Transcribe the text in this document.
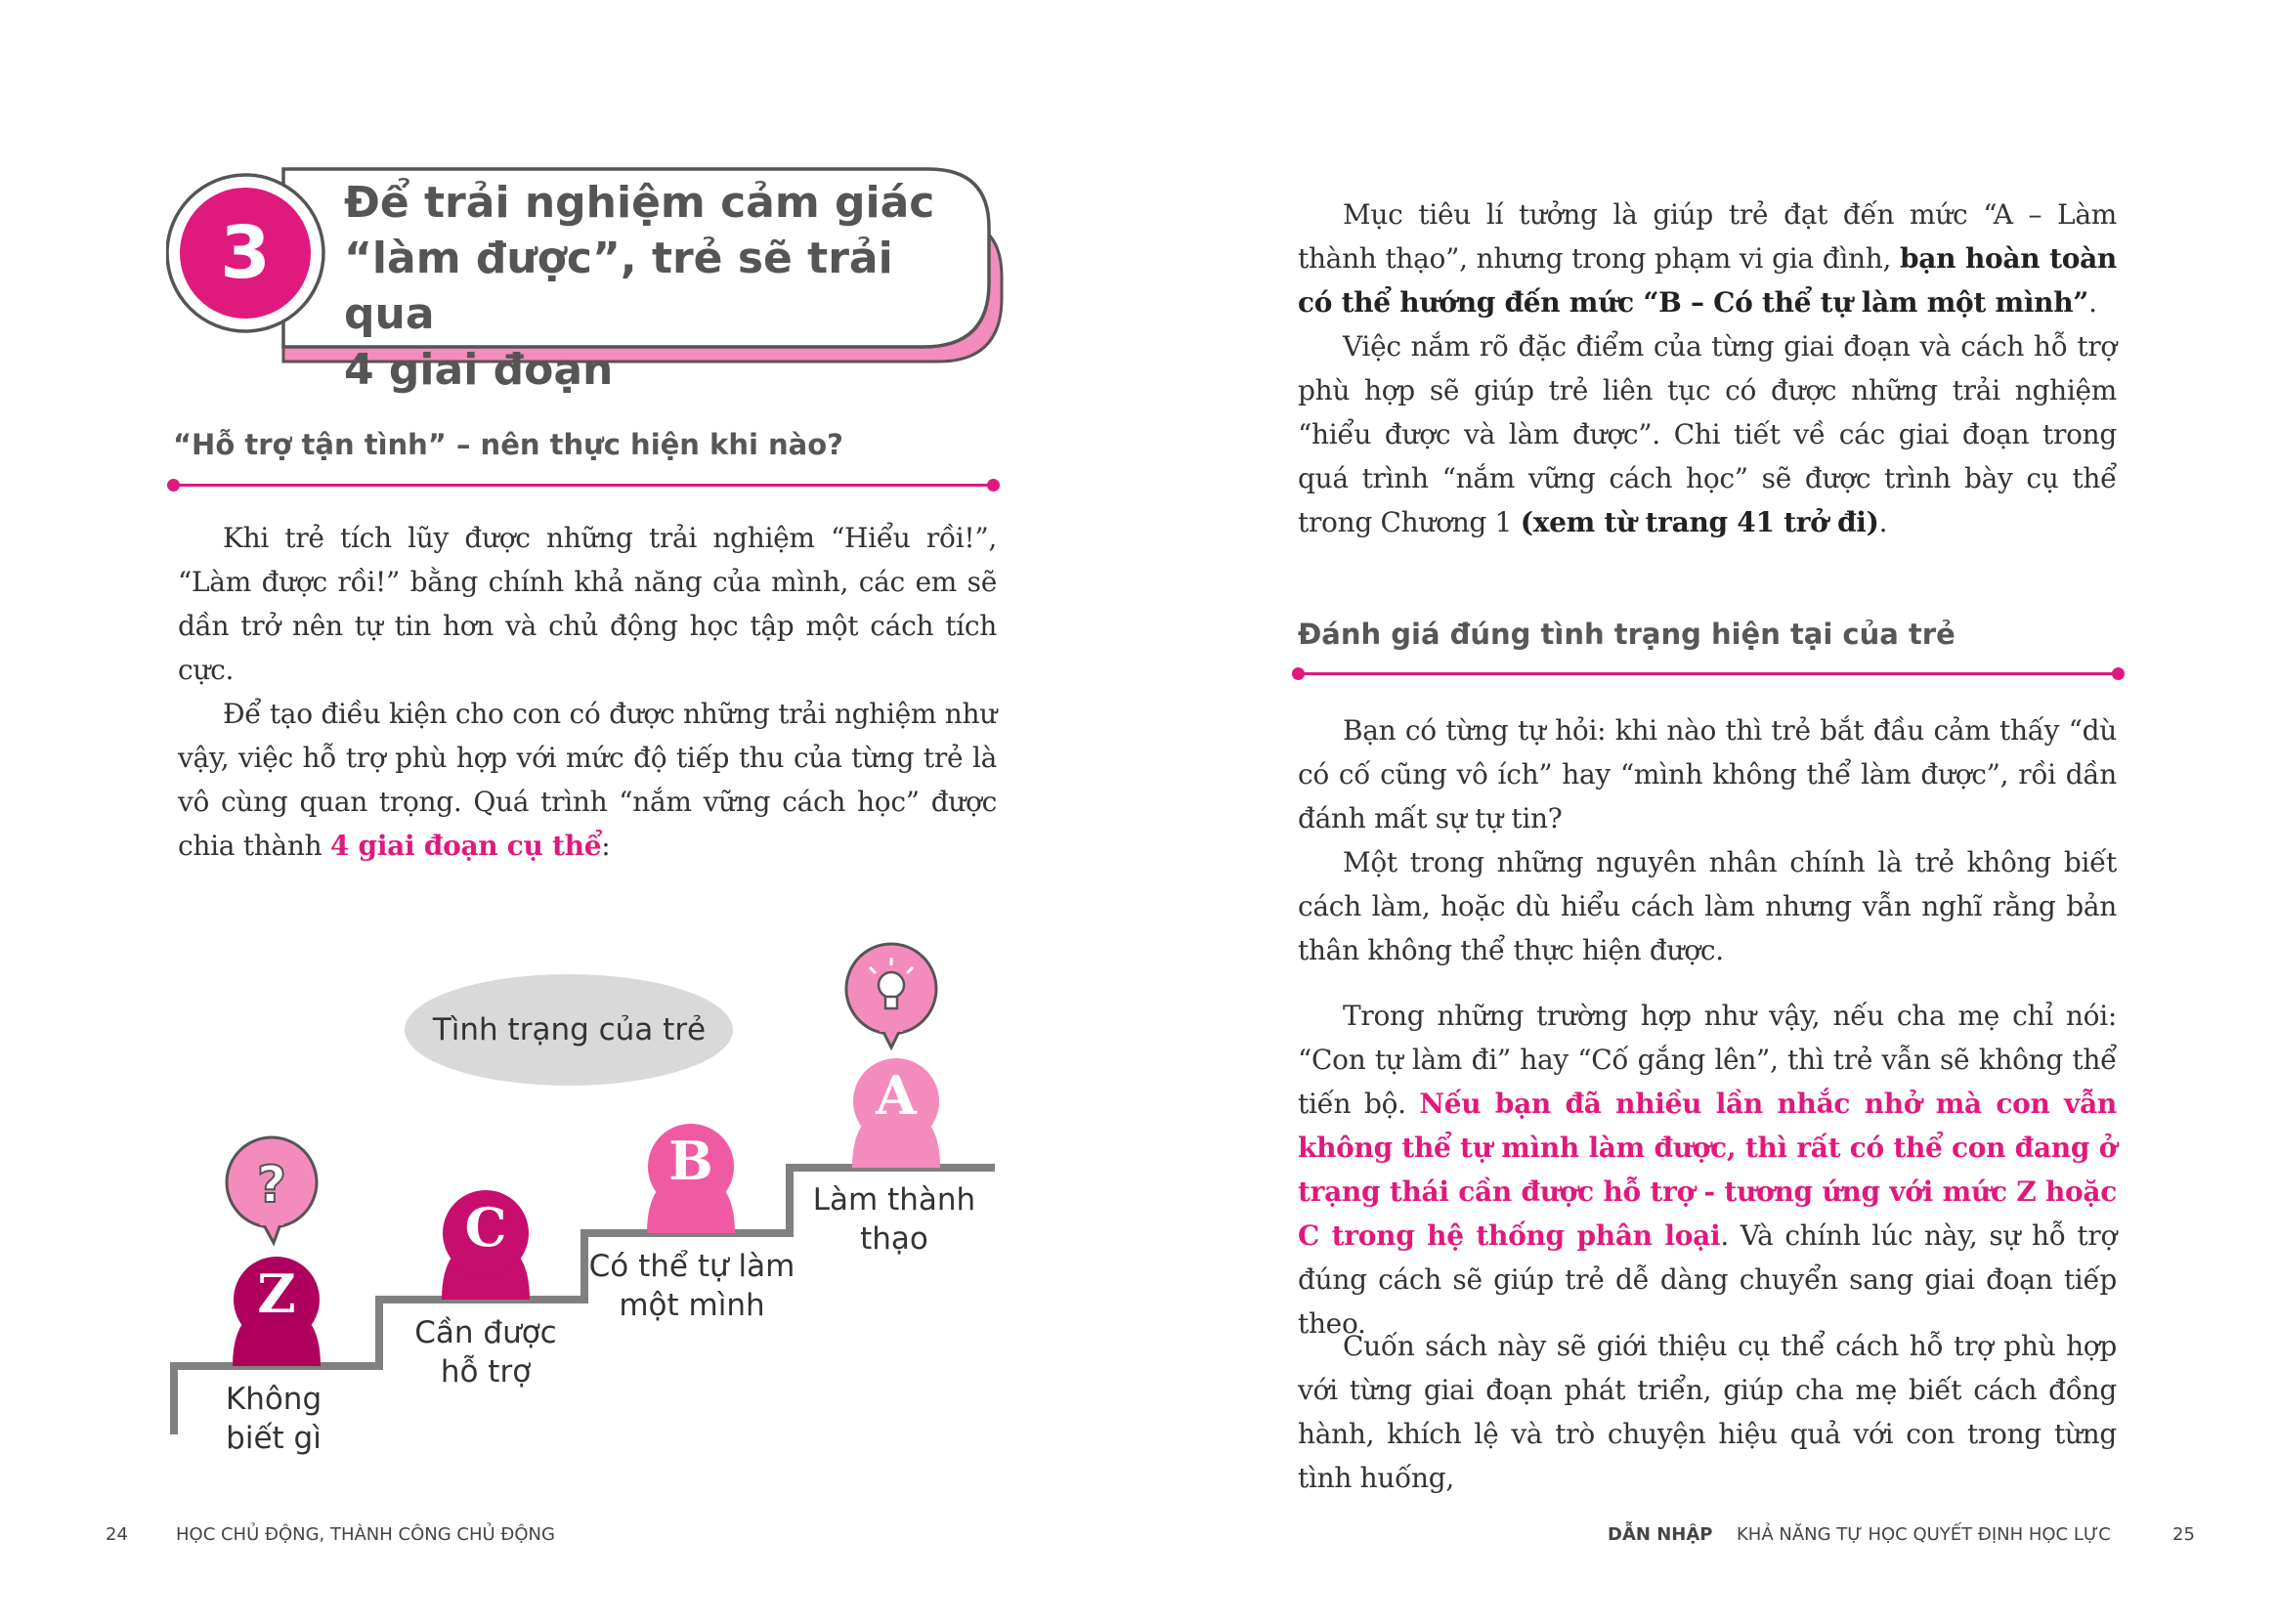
3
Để trải nghiệm cảm giác
“làm được”, trẻ sẽ trải qua
4 giai đoạn
“Hỗ trợ tận tình” – nên thực hiện khi nào?

Khi trẻ tích lũy được những trải nghiệm “Hiểu rồi!”, “Làm được rồi!” bằng chính khả năng của mình, các em sẽ dần trở nên tự tin hơn và chủ động học tập một cách tích cực.

Để tạo điều kiện cho con có được những trải nghiệm như vậy, việc hỗ trợ phù hợp với mức độ tiếp thu của từng trẻ là vô cùng quan trọng. Quá trình “nắm vững cách học” được chia thành 4 giai đoạn cụ thể:

?
Tình trạng của trẻ
Z
C
B
A
Không
biết gì
Cần được
hỗ trợ
Có thể tự làm
một mình
Làm thành
thạo
24	HỌC CHỦ ĐỘNG, THÀNH CÔNG CHỦ ĐỘNG

Mục tiêu lí tưởng là giúp trẻ đạt đến mức “A – Làm thành thạo”, nhưng trong phạm vi gia đình, bạn hoàn toàn có thể hướng đến mức “B – Có thể tự làm một mình”.

Việc nắm rõ đặc điểm của từng giai đoạn và cách hỗ trợ phù hợp sẽ giúp trẻ liên tục có được những trải nghiệm “hiểu được và làm được”. Chi tiết về các giai đoạn trong quá trình “nắm vững cách học” sẽ được trình bày cụ thể trong Chương 1 (xem từ trang 41 trở đi).

Đánh giá đúng tình trạng hiện tại của trẻ

Bạn có từng tự hỏi: khi nào thì trẻ bắt đầu cảm thấy “dù có cố cũng vô ích” hay “mình không thể làm được”, rồi dần đánh mất sự tự tin?

Một trong những nguyên nhân chính là trẻ không biết cách làm, hoặc dù hiểu cách làm nhưng vẫn nghĩ rằng bản thân không thể thực hiện được.

Trong những trường hợp như vậy, nếu cha mẹ chỉ nói: “Con tự làm đi” hay “Cố gắng lên”, thì trẻ vẫn sẽ không thể tiến bộ. Nếu bạn đã nhiều lần nhắc nhở mà con vẫn không thể tự mình làm được, thì rất có thể con đang ở trạng thái cần được hỗ trợ - tương ứng với mức Z hoặc C trong hệ thống phân loại. Và chính lúc này, sự hỗ trợ đúng cách sẽ giúp trẻ dễ dàng chuyển sang giai đoạn tiếp theo.

Cuốn sách này sẽ giới thiệu cụ thể cách hỗ trợ phù hợp với từng giai đoạn phát triển, giúp cha mẹ biết cách đồng hành, khích lệ và trò chuyện hiệu quả với con trong từng tình huống,

DẪN NHẬP KHẢ NĂNG TỰ HỌC QUYẾT ĐỊNH HỌC LỰC	25
